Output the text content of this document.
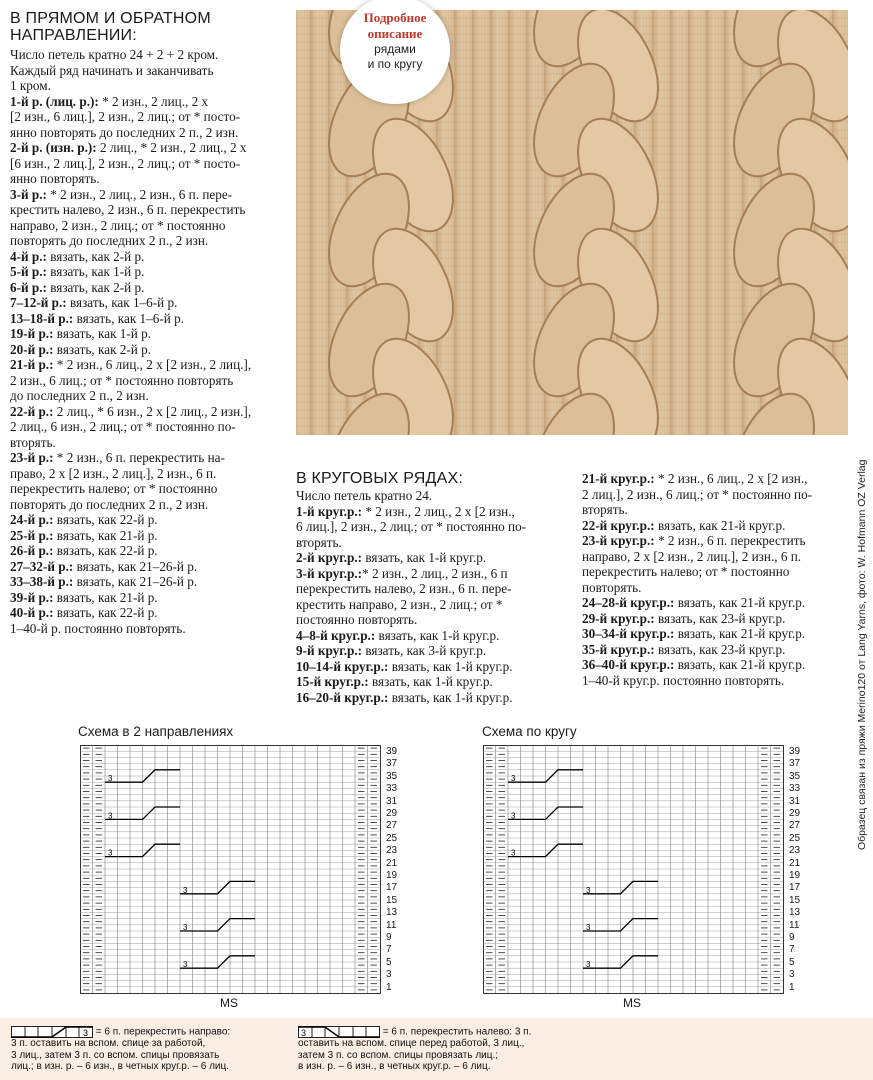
В ПРЯМОМ И ОБРАТНОМ
НАПРАВЛЕНИИ:
Число петель кратно 24 + 2 + 2 кром.
Каждый ряд начинать и заканчивать
1 кром.
1-й р. (лиц. р.): * 2 изн., 2 лиц., 2 х
[2 изн., 6 лиц.], 2 изн., 2 лиц.; от * посто-
янно повторять до последних 2 п., 2 изн.
2-й р. (изн. р.): 2 лиц., * 2 изн., 2 лиц., 2 х
[6 изн., 2 лиц.], 2 изн., 2 лиц.; от * посто-
янно повторять.
3-й р.: * 2 изн., 2 лиц., 2 изн., 6 п. пере-
крестить налево, 2 изн., 6 п. перекрестить
направо, 2 изн., 2 лиц.; от * постоянно
повторять до последних 2 п., 2 изн.
4-й р.: вязать, как 2-й р.
5-й р.: вязать, как 1-й р.
6-й р.: вязать, как 2-й р.
7–12-й р.: вязать, как 1–6-й р.
13–18-й р.: вязать, как 1–6-й р.
19-й р.: вязать, как 1-й р.
20-й р.: вязать, как 2-й р.
21-й р.: * 2 изн., 6 лиц., 2 х [2 изн., 2 лиц.],
2 изн., 6 лиц.; от * постоянно повторять
до последних 2 п., 2 изн.
22-й р.: 2 лиц., * 6 изн., 2 х [2 лиц., 2 изн.],
2 лиц., 6 изн., 2 лиц.; от * постоянно по-
вторять.
23-й р.: * 2 изн., 6 п. перекрестить на-
право, 2 х [2 изн., 2 лиц.], 2 изн., 6 п.
перекрестить налево; от * постоянно
повторять до последних 2 п., 2 изн.
24-й р.: вязать, как 22-й р.
25-й р.: вязать, как 21-й р.
26-й р.: вязать, как 22-й р.
27–32-й р.: вязать, как 21–26-й р.
33–38-й р.: вязать, как 21–26-й р.
39-й р.: вязать, как 21-й р.
40-й р.: вязать, как 22-й р.
1–40-й р. постоянно повторять.
Подробное
описание
рядами
и по кругу
Образец связан из пряжи Merino120 от Lang Yarns, фото: W. Hofmann OZ Verlag
В КРУГОВЫХ РЯДАХ:
Число петель кратно 24.
1-й круг.р.: * 2 изн., 2 лиц., 2 х [2 изн.,
6 лиц.], 2 изн., 2 лиц.; от * постоянно по-
вторять.
2-й круг.р.: вязать, как 1-й круг.р.
3-й круг.р.:* 2 изн., 2 лиц., 2 изн., 6 п
перекрестить налево, 2 изн., 6 п. пере-
крестить направо, 2 изн., 2 лиц.; от *
постоянно повторять.
4–8-й круг.р.: вязать, как 1-й круг.р.
9-й круг.р.: вязать, как 3-й круг.р.
10–14-й круг.р.: вязать, как 1-й круг.р.
15-й круг.р.: вязать, как 1-й круг.р.
16–20-й круг.р.: вязать, как 1-й круг.р.
21-й круг.р.: * 2 изн., 6 лиц., 2 х [2 изн.,
2 лиц.], 2 изн., 6 лиц.; от * постоянно по-
вторять.
22-й круг.р.: вязать, как 21-й круг.р.
23-й круг.р.: * 2 изн., 6 п. перекрестить
направо, 2 х [2 изн., 2 лиц.], 2 изн., 6 п.
перекрестить налево; от * постоянно
повторять.
24–28-й круг.р.: вязать, как 21-й круг.р.
29-й круг.р.: вязать, как 23-й круг.р.
30–34-й круг.р.: вязать, как 21-й круг.р.
35-й круг.р.: вязать, как 23-й круг.р.
36–40-й круг.р.: вязать, как 21-й круг.р.
1–40-й круг.р. постоянно повторять.
Схема в 2 направлениях	Схема по кругу
3
3
3
3
3
3
39
37
35
33
31
29
27
25
23
21
19
17
15
13
11
9
7
5
3
1
MS
3
3
3
3
3
3
39
37
35
33
31
29
27
25
23
21
19
17
15
13
11
9
7
5
3
1
MS
3 = 6 п. перекрестить направо:
3 п. оставить на вспом. спице за работой,
3 лиц., затем 3 п. со вспом. спицы провязать
лиц.; в изн. р. – 6 изн., в четных круг.р. – 6 лиц.
3	= 6 п. перекрестить налево: 3 п.
оставить на вспом. спице перед работой, 3 лиц.,
затем 3 п. со вспом. спицы провязать лиц.;
в изн. р. – 6 изн., в четных круг.р. – 6 лиц.
